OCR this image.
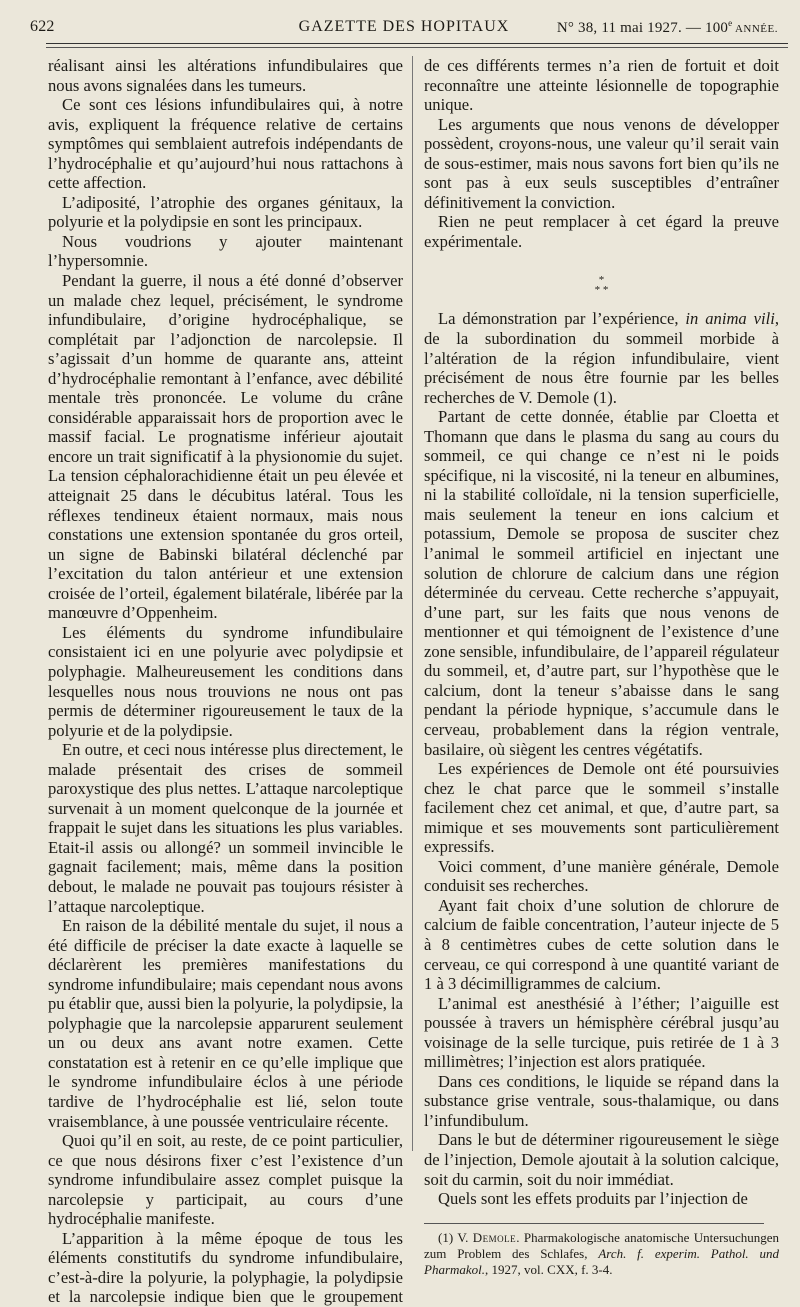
622	GAZETTE DES HOPITAUX	N° 38, 11 mai 1927. — 100e ANNÉE.

réalisant ainsi les altérations infundibulaires que nous avons signalées dans les tumeurs.

Ce sont ces lésions infundibulaires qui, à notre avis, expliquent la fréquence relative de certains symptômes qui semblaient autrefois indépendants de l’hydrocéphalie et qu’aujourd’hui nous rattachons à cette affection.

L’adiposité, l’atrophie des organes génitaux, la polyurie et la polydipsie en sont les principaux.

Nous voudrions y ajouter maintenant l’hypersomnie.

Pendant la guerre, il nous a été donné d’observer un malade chez lequel, précisément, le syndrome infundibulaire, d’origine hydrocéphalique, se complétait par l’adjonction de narcolepsie. Il s’agissait d’un homme de quarante ans, atteint d’hydrocéphalie remontant à l’enfance, avec débilité mentale très prononcée. Le volume du crâne considérable apparaissait hors de proportion avec le massif facial. Le prognatisme inférieur ajoutait encore un trait significatif à la physionomie du sujet. La tension céphalorachidienne était un peu élevée et atteignait 25 dans le décubitus latéral. Tous les réflexes tendineux étaient normaux, mais nous constations une extension spontanée du gros orteil, un signe de Babinski bilatéral déclenché par l’excitation du talon antérieur et une extension croisée de l’orteil, également bilatérale, libérée par la manœuvre d’Oppenheim.

Les éléments du syndrome infundibulaire consistaient ici en une polyurie avec polydipsie et polyphagie. Malheureusement les conditions dans lesquelles nous nous trouvions ne nous ont pas permis de déterminer rigoureusement le taux de la polyurie et de la polydipsie.

En outre, et ceci nous intéresse plus directement, le malade présentait des crises de sommeil paroxystique des plus nettes. L’attaque narcoleptique survenait à un moment quelconque de la journée et frappait le sujet dans les situations les plus variables. Etait-il assis ou allongé? un sommeil invincible le gagnait facilement; mais, même dans la position debout, le malade ne pouvait pas toujours résister à l’attaque narcoleptique.

En raison de la débilité mentale du sujet, il nous a été difficile de préciser la date exacte à laquelle se déclarèrent les premières manifestations du syndrome infundibulaire; mais cependant nous avons pu établir que, aussi bien la polyurie, la polydipsie, la polyphagie que la narcolepsie apparurent seulement un ou deux ans avant notre examen. Cette constatation est à retenir en ce qu’elle implique que le syndrome infundibulaire éclos à une période tardive de l’hydrocéphalie est lié, selon toute vraisemblance, à une poussée ventriculaire récente.

Quoi qu’il en soit, au reste, de ce point particulier, ce que nous désirons fixer c’est l’existence d’un syndrome infundibulaire assez complet puisque la narcolepsie y participait, au cours d’une hydrocéphalie manifeste.

L’apparition à la même époque de tous les éléments constitutifs du syndrome infundibulaire, c’est-à-dire la polyurie, la polyphagie, la polydipsie et la narcolepsie indique bien que le groupement

de ces différents termes n’a rien de fortuit et doit reconnaître une atteinte lésionnelle de topographie unique.

Les arguments que nous venons de développer possèdent, croyons-nous, une valeur qu’il serait vain de sous-estimer, mais nous savons fort bien qu’ils ne sont pas à eux seuls susceptibles d’entraîner définitivement la conviction.

Rien ne peut remplacer à cet égard la preuve expérimentale.

*
* *

La démonstration par l’expérience, in anima vili, de la subordination du sommeil morbide à l’altération de la région infundibulaire, vient précisément de nous être fournie par les belles recherches de V. Demole (1).

Partant de cette donnée, établie par Cloetta et Thomann que dans le plasma du sang au cours du sommeil, ce qui change ce n’est ni le poids spécifique, ni la viscosité, ni la teneur en albumines, ni la stabilité colloïdale, ni la tension superficielle, mais seulement la teneur en ions calcium et potassium, Demole se proposa de susciter chez l’animal le sommeil artificiel en injectant une solution de chlorure de calcium dans une région déterminée du cerveau. Cette recherche s’appuyait, d’une part, sur les faits que nous venons de mentionner et qui témoignent de l’existence d’une zone sensible, infundibulaire, de l’appareil régulateur du sommeil, et, d’autre part, sur l’hypothèse que le calcium, dont la teneur s’abaisse dans le sang pendant la période hypnique, s’accumule dans le cerveau, probablement dans la région ventrale, basilaire, où siègent les centres végétatifs.

Les expériences de Demole ont été poursuivies chez le chat parce que le sommeil s’installe facilement chez cet animal, et que, d’autre part, sa mimique et ses mouvements sont particulièrement expressifs.

Voici comment, d’une manière générale, Demole conduisit ses recherches.

Ayant fait choix d’une solution de chlorure de calcium de faible concentration, l’auteur injecte de 5 à 8 centimètres cubes de cette solution dans le cerveau, ce qui correspond à une quantité variant de 1 à 3 décimilligrammes de calcium.

L’animal est anesthésié à l’éther; l’aiguille est poussée à travers un hémisphère cérébral jusqu’au voisinage de la selle turcique, puis retirée de 1 à 3 millimètres; l’injection est alors pratiquée.

Dans ces conditions, le liquide se répand dans la substance grise ventrale, sous-thalamique, ou dans l’infundibulum.

Dans le but de déterminer rigoureusement le siège de l’injection, Demole ajoutait à la solution calcique, soit du carmin, soit du noir immédiat.

Quels sont les effets produits par l’injection de

(1) V. Demole. Pharmakologische anatomische Untersuchungen zum Problem des Schlafes, Arch. f. experim. Pathol. und Pharmakol., 1927, vol. CXX, f. 3-4.
